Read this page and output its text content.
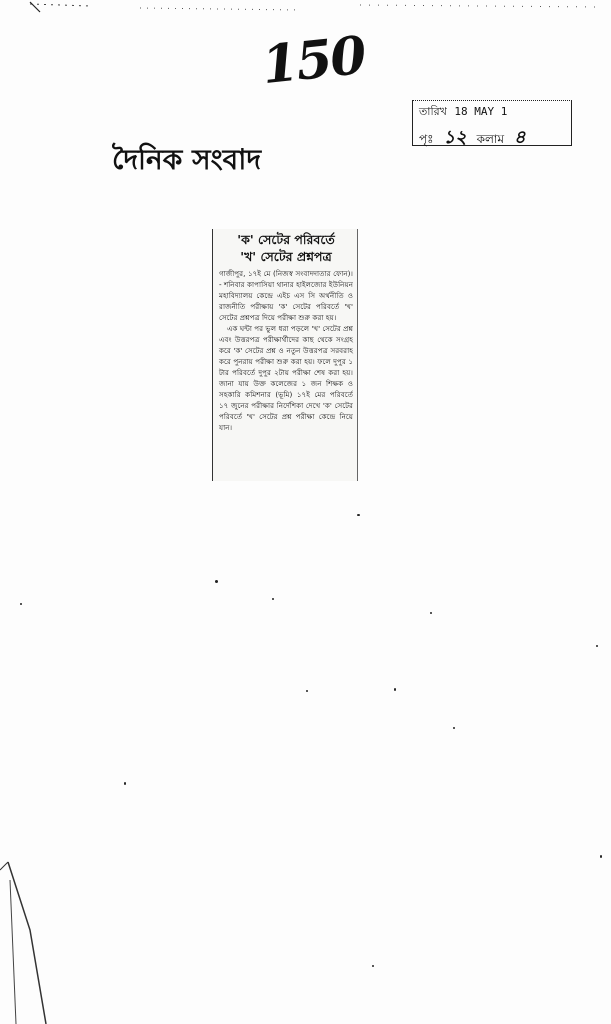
150
দৈনিক সংবাদ
তারিখ 18 MAY 1
পৃঃ ১২ কলাম ৪
'ক' সেটের পরিবর্তে
'খ' সেটের প্রশ্নপত্র

গাজীপুর, ১৭ই মে (নিজস্ব সংবাদদাতার ফোন)। - শনিবার কাপাসিয়া থানার হাইলজোর ইউনিয়ন মহাবিদ্যালয় কেন্দ্রে এইচ এস সি অর্থনীতি ও রাজনীতি পরীক্ষায় 'ক' সেটের পরিবর্তে 'খ' সেটের প্রশ্নপত্র দিয়ে পরীক্ষা শুরু করা হয়।

এক ঘন্টা পর ভুল ধরা পড়লে 'খ' সেটের প্রশ্ন এবং উত্তরপত্র পরীক্ষার্থীদের কাছ থেকে সংগ্রহ করে 'ক' সেটের প্রশ্ন ও নতুন উত্তরপত্র সরবরাহ করে পুনরায় পরীক্ষা শুরু করা হয়। ফলে দুপুর ১ টার পরিবর্তে দুপুর ২টায় পরীক্ষা শেষ করা হয়। জানা যায় উক্ত কলেজের ১ জন শিক্ষক ও সহকারি কমিশনার (ভূমি) ১৭ই মের পরিবর্তে ১৭ জুনের পরীক্ষার নির্দেশিকা দেখে 'ক' সেটের পরিবর্তে 'খ' সেটের প্রশ্ন পরীক্ষা কেন্দ্রে নিয়ে যান।
